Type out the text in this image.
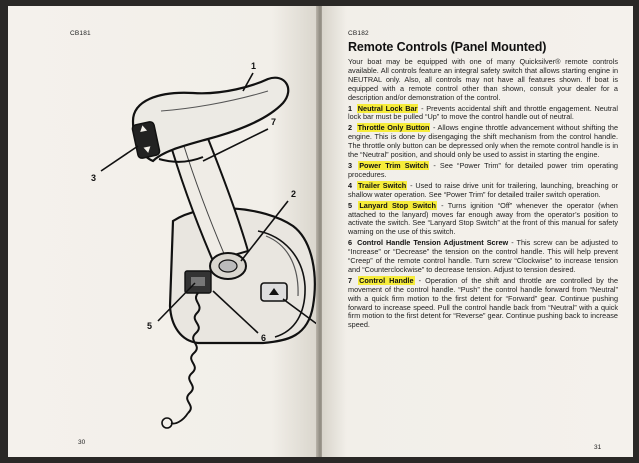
CB181
1
7
3
2
5
6
30
CB182
Remote Controls (Panel Mounted)

Your boat may be equipped with one of many Quicksilver® remote controls available. All controls feature an integral safety switch that allows starting engine in NEUTRAL only. Also, all controls may not have all features shown. If boat is equipped with a remote control other than shown, consult your dealer for a description and/or demonstration of the control.

1 Neutral Lock Bar - Prevents accidental shift and throttle engagement. Neutral lock bar must be pulled “Up” to move the control handle out of neutral.

2 Throttle Only Button - Allows engine throttle advancement without shifting the engine. This is done by disengaging the shift mechanism from the control handle. The throttle only button can be depressed only when the remote control handle is in the “Neutral” position, and should only be used to assist in starting the engine.

3 Power Trim Switch - See “Power Trim” for detailed power trim operating procedures.

4 Trailer Switch - Used to raise drive unit for trailering, launching, breaching or shallow water operation. See “Power Trim” for detailed trailer switch operation.

5 Lanyard Stop Switch - Turns ignition “Off” whenever the operator (when attached to the lanyard) moves far enough away from the operator’s position to activate the switch. See “Lanyard Stop Switch” at the front of this manual for safety warning on the use of this switch.

6 Control Handle Tension Adjustment Screw - This screw can be adjusted to “Increase” or “Decrease” the tension on the control handle. This will help prevent “Creep” of the remote control handle. Turn screw “Clockwise” to increase tension and “Counterclockwise” to decrease tension. Adjust to tension desired.

7 Control Handle - Operation of the shift and throttle are controlled by the movement of the control handle. “Push” the control handle forward from “Neutral” with a quick firm motion to the first detent for “Forward” gear. Continue pushing forward to increase speed. Pull the control handle back from “Neutral” with a quick firm motion to the first detent for “Reverse” gear. Continue pushing back to increase speed.

31
